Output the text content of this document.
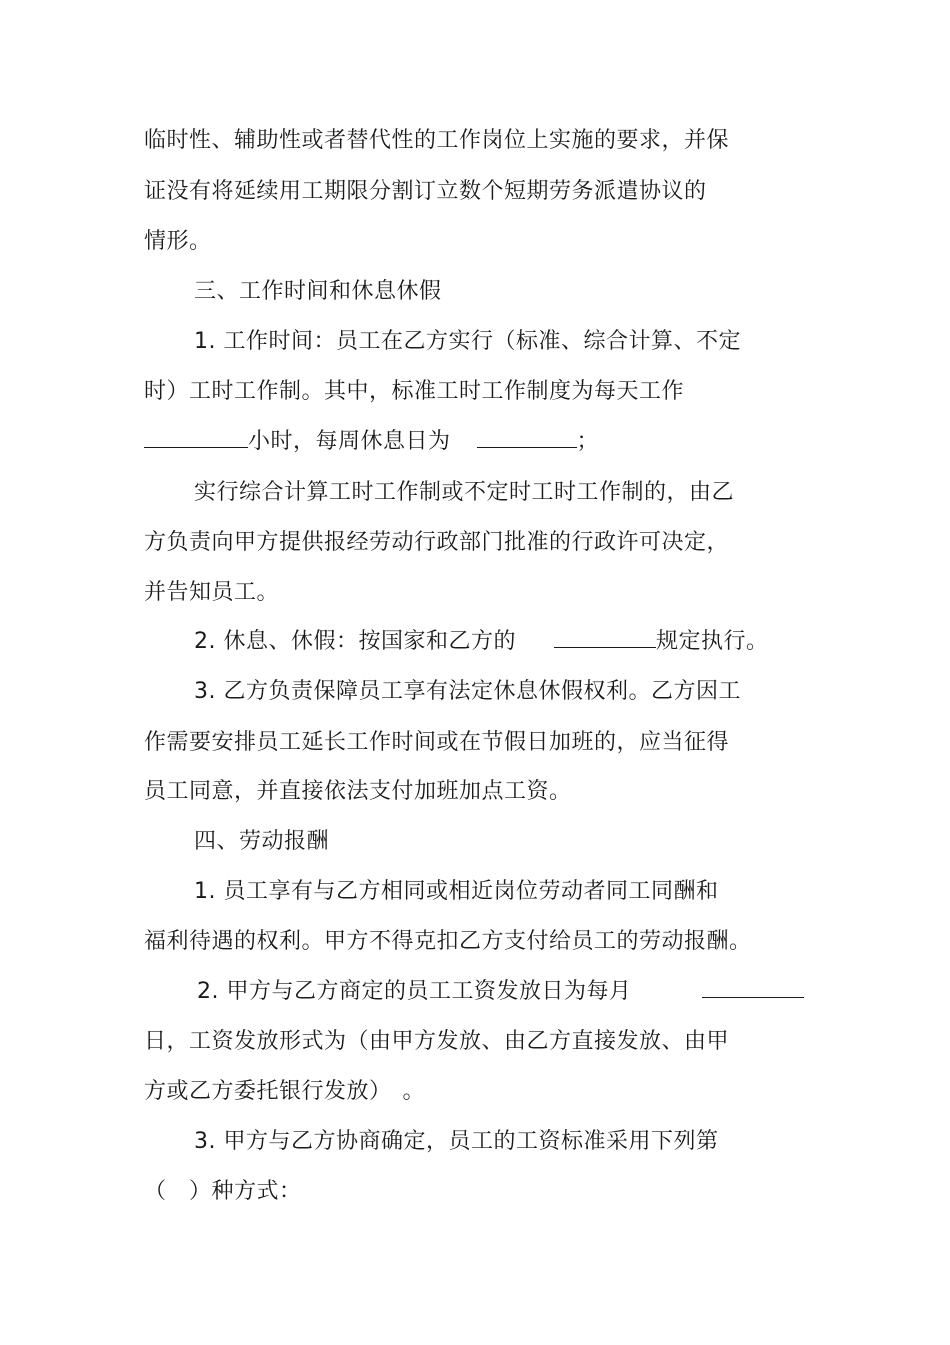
临时性、辅助性或者替代性的工作岗位上实施的要求，并保
证没有将延续用工期限分割订立数个短期劳务派遣协议的
情形。
三、工作时间和休息休假
1. 工作时间：员工在乙方实行（标准、综合计算、不定
时）工时工作制。其中，标准工时工作制度为每天工作
小时，每周休息日为	；
实行综合计算工时工作制或不定时工时工作制的，由乙
方负责向甲方提供报经劳动行政部门批准的行政许可决定，
并告知员工。
2. 休息、休假：按国家和乙方的	规定执行。
3. 乙方负责保障员工享有法定休息休假权利。乙方因工
作需要安排员工延长工作时间或在节假日加班的，应当征得
员工同意，并直接依法支付加班加点工资。
四、劳动报酬
1. 员工享有与乙方相同或相近岗位劳动者同工同酬和
福利待遇的权利。甲方不得克扣乙方支付给员工的劳动报酬。
2. 甲方与乙方商定的员工工资发放日为每月
日，工资发放形式为（由甲方发放、由乙方直接发放、由甲
方或乙方委托银行发放） 。
3. 甲方与乙方协商确定，员工的工资标准采用下列第
（　）种方式：
